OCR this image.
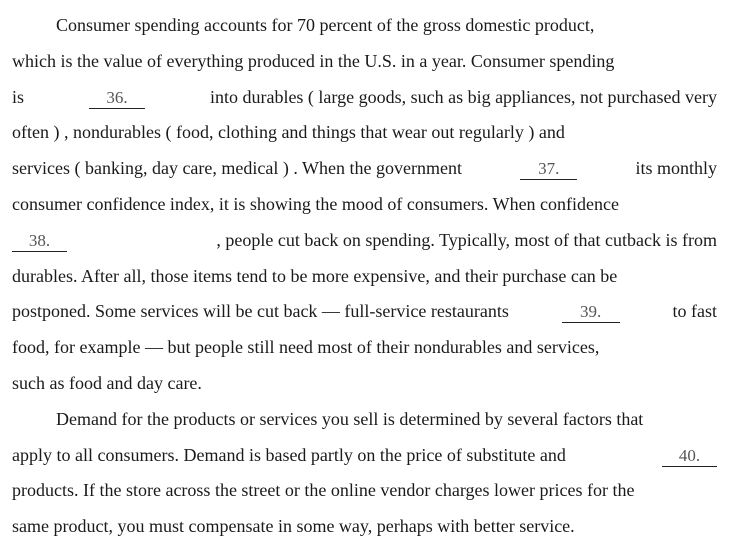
Consumer spending accounts for 70 percent of the gross domestic product,
which is the value of everything produced in the U.S. in a year. Consumer spending
is	36.	into durables ( large goods, such as big appliances, not purchased very
often ) , nondurables ( food, clothing and things that wear out regularly ) and
services ( banking, day care, medical ) . When the government	37.	its monthly
consumer confidence index, it is showing the mood of consumers. When confidence
38.	, people cut back on spending. Typically, most of that cutback is from
durables. After all, those items tend to be more expensive, and their purchase can be
postponed. Some services will be cut back — full-service restaurants	39.	to fast
food, for example — but people still need most of their nondurables and services,
such as food and day care.
Demand for the products or services you sell is determined by several factors that
apply to all consumers. Demand is based partly on the price of substitute and	40.
products. If the store across the street or the online vendor charges lower prices for the
same product, you must compensate in some way, perhaps with better service.
